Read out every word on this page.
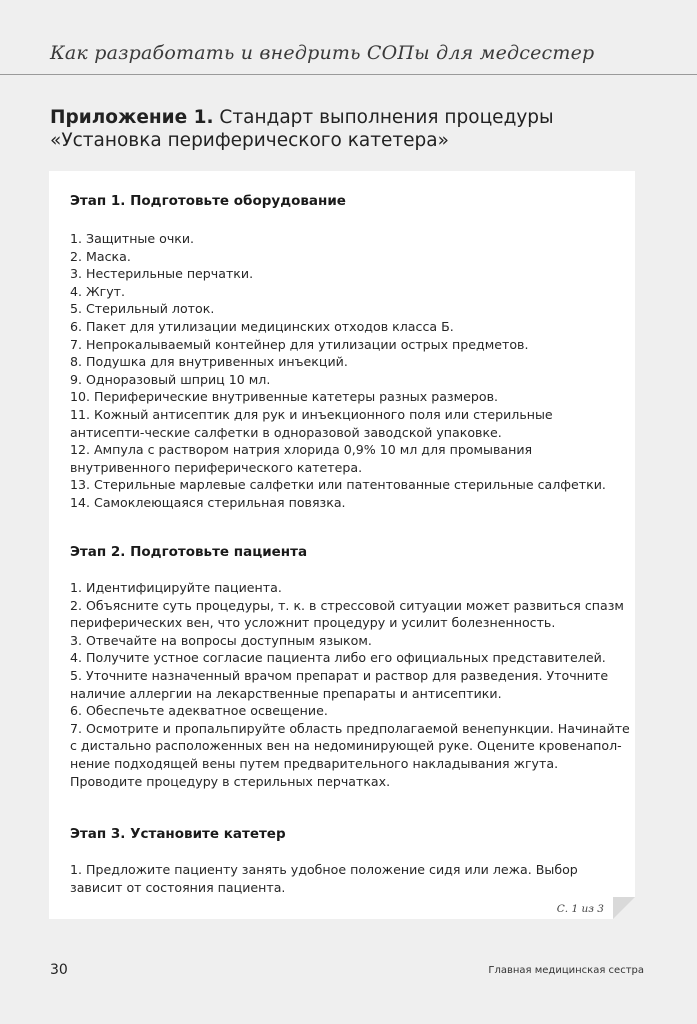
Как разработать и внедрить СОПы для медсестер
Приложение 1. Стандарт выполнения процедуры «Установка периферического катетера»
Этап 1. Подготовьте оборудование
1. Защитные очки.
2. Маска.
3. Нестерильные перчатки.
4. Жгут.
5. Стерильный лоток.
6. Пакет для утилизации медицинских отходов класса Б.
7. Непрокалываемый контейнер для утилизации острых предметов.
8. Подушка для внутривенных инъекций.
9. Одноразовый шприц 10 мл.
10. Периферические внутривенные катетеры разных размеров.
11. Кожный антисептик для рук и инъекционного поля или стерильные антисепти-ческие салфетки в одноразовой заводской упаковке.
12. Ампула с раствором натрия хлорида 0,9% 10 мл для промывания внутривенного периферического катетера.
13. Стерильные марлевые салфетки или патентованные стерильные салфетки.
14. Самоклеющаяся стерильная повязка.
Этап 2. Подготовьте пациента
1. Идентифицируйте пациента.
2. Объясните суть процедуры, т. к. в стрессовой ситуации может развиться спазм периферических вен, что усложнит процедуру и усилит болезненность.
3. Отвечайте на вопросы доступным языком.
4. Получите устное согласие пациента либо его официальных представителей.
5. Уточните назначенный врачом препарат и раствор для разведения. Уточните наличие аллергии на лекарственные препараты и антисептики.
6. Обеспечьте адекватное освещение.
7. Осмотрите и пропальпируйте область предполагаемой венепункции. Начинайте с дистально расположенных вен на недоминирующей руке. Оцените кровенапол-нение подходящей вены путем предварительного накладывания жгута. Проводите процедуру в стерильных перчатках.
Этап 3. Установите катетер
1. Предложите пациенту занять удобное положение сидя или лежа. Выбор зависит от состояния пациента.
С. 1 из 3
30	Главная медицинская сестра
